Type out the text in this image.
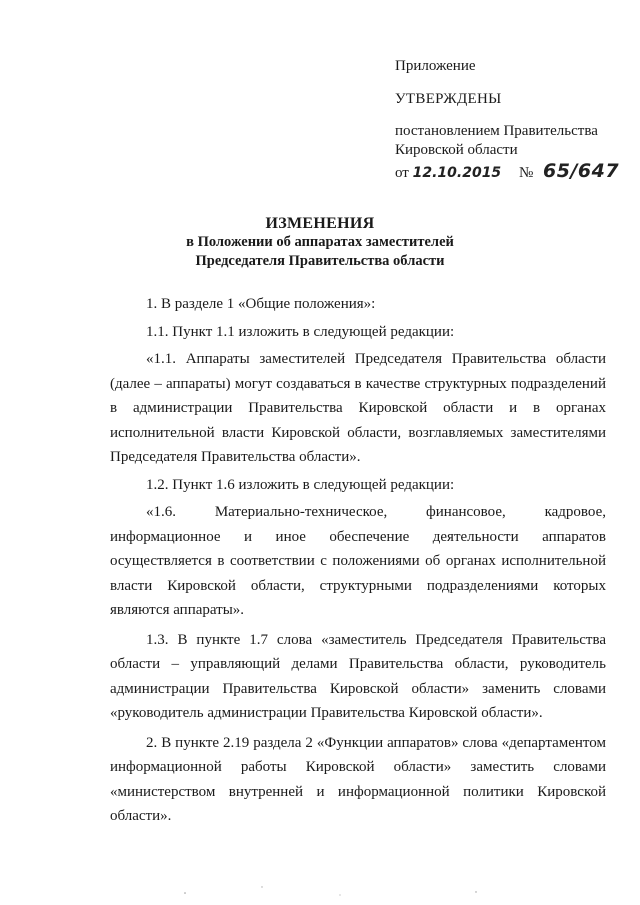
Приложение
УТВЕРЖДЕНЫ
постановлением Правительства
Кировской области
от 12.10.2015 № 65/647
ИЗМЕНЕНИЯ
в Положении об аппаратах заместителей
Председателя Правительства области

1. В разделе 1 «Общие положения»:

1.1. Пункт 1.1 изложить в следующей редакции:

«1.1. Аппараты заместителей Председателя Правительства области (далее – аппараты) могут создаваться в качестве структурных подразделений в администрации Правительства Кировской области и в органах исполнительной власти Кировской области, возглавляемых заместителями Председателя Правительства области».

1.2. Пункт 1.6 изложить в следующей редакции:

«1.6. Материально-техническое, финансовое, кадровое, информационное и иное обеспечение деятельности аппаратов осуществляется в соответствии с положениями об органах исполнительной власти Кировской области, структурными подразделениями которых являются аппараты».

1.3. В пункте 1.7 слова «заместитель Председателя Правительства области – управляющий делами Правительства области, руководитель администрации Правительства Кировской области» заменить словами «руководитель администрации Правительства Кировской области».

2. В пункте 2.19 раздела 2 «Функции аппаратов» слова «департаментом информационной работы Кировской области» заместить словами «министерством внутренней и информационной политики Кировской области».
